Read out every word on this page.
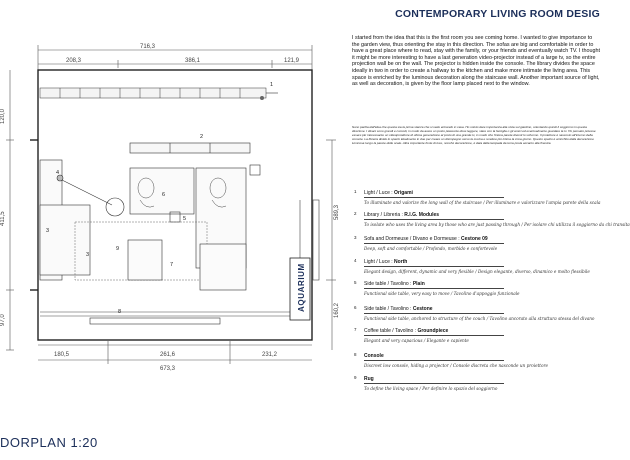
CONTEMPORARY LIVING ROOM DESIG
I started from the idea that this is the first room you see coming home. I wanted to give importance to the garden view, thus orienting the stay in this direction. The sofas are big and comfortable in order to have a great place where to read, stay with the family, or your friends and eventually watch TV. I thought it might be more interesting to have a last generation video-projector instead of a large tv, so the entire projection wall be on the wall. The projector is hidden inside the console. The library divides the space ideally in two in order to create a hallway to the kitchen and make more intimate the living area. This space is enriched by the luminous decoration along the staircase wall. Another important source of light, as well as decoration, is given by the floor lamp placed next to the window.
Sono partita dall'idea che questa sia la prima stanza che si vede entrando in casa. Ho voluto dare importanza alla vista sul giardino, orientando quindi il soggiorno in questa direzione. I divani sono grandi e comodi, in modo da avere un posto piacevole dove leggere, stare con la famiglia o gli amici ed eventualmente guardare la tv. Ho pensato potesse essere più interessante un videoproiettore di ultima generazione al posto di una grande tv, in modo che l'intera parete diventi lo schermo. Il proiettore è nascosto all'interno della console. La libreria divide lo spazio idealmente in due per creare un disimpegno verso la cucina e rendere più intima la zona giorno. Questo spazio è arricchito dalla decorazione luminosa lungo la parete delle scale. Altra importante fonte di luce, nonché decorazione, è data dalla lampada da terra posta accanto alla finestra.
1 Light / Luce : Origami
To illuminate and valorize the long wall of the staircase / Per illuminare e valorizzare l'ampia parete della scala
2 Library / Libreria : R.I.G. Modules
To isolate who uses the living area by those who are just passing through / Per isolare chi utilizza il soggiorno da chi transita
3 Sofa and Dormeuse / Divano e Dormeuse : Cestone 09
Deep, soft and comfortable / Profondo, morbido e confortevole
4 Light / Luce : North
Elegant design, different, dynamic and very flexible / Design elegante, diverso, dinamico e molto flessibile
5 Side table / Tavolino : Plain
Functional side table, very easy to move / Tavolino d'appoggio funzionale
6 Side table / Tavolino : Cestone
Functional side table, anchored to structure of the couch / Tavolino ancorato alla struttura stessa del divano
7 Coffee table / Tavolino : Groundpiece
Elegant and very capacious / Elegante e capiente
8 Console
Discreet low console, hiding a projector / Console discreta che nasconde un proiettore
9 Rug
To define the living space / Per definire lo spazio del soggiorno
716,3
208,3	386,1	121,9
180,5	261,6	231,2
673,3
120,0
411,5
97,0
589,3
160,2
4
3
6
5
2
1
9
7
3
8	AQUARIUM
DORPLAN 1:20
